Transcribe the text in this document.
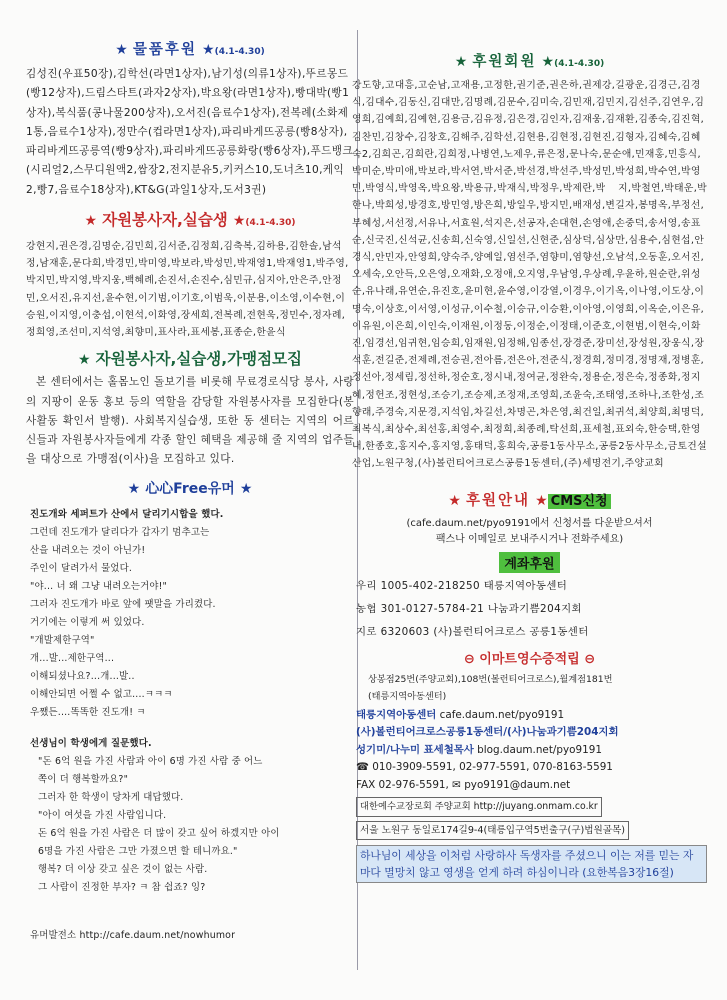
★ 물품후원 ★(4.1-4.30)
김성진(우표50장),김학선(라면1상자),남기성(의류1상자),뚜르몽드(빵12상자),드림스타트(과자2상자),박요왕(라면1상자),빵대박(빵1상자),복식품(콩나물200상자),오서진(음료수1상자),전복례(소화제1통,음료수1상자),정만수(컵라면1상자),파리바게뜨공릉(빵8상자),파리바게뜨공릉역(빵9상자),파리바게뜨공릉화랑(빵6상자),푸드뱅크(시리얼2,스무디원액2,쌈장2,전지분유5,키커스10,도너츠10,케익2,빵7,음료수18상자),KT&G(과일1상자,도서3권)
★ 자원봉사자,실습생 ★(4.1-4.30)
강현지,권은경,김명순,김민희,김서준,김정희,김축복,김하용,김한솔,남석정,남재훈,문다희,박경민,박미영,박보라,박성민,박재영1,박재영1,박주영,박지민,박지영,박지웅,백혜례,손진서,손진수,심민규,심지아,안은주,안정민,오서진,유지선,윤수현,이기범,이기호,이범욱,이분용,이소영,이수현,이승원,이지영,이충섭,이현석,이화영,장세희,전복례,전현욱,정민수,정자례,정희영,조선미,지석영,최향미,표사라,표세봉,표종순,한윤식
★ 자원봉사자,실습생,가맹점모집
본 센터에서는 홀몸노인 돌보기를 비롯해 무료경로식당 봉사, 사랑의 지팡이 운동 홍보 등의 역할을 감당할 자원봉사자를 모집한다(봉사활동 확인서 발행). 사회복지실습생, 또한 동 센터는 지역의 어르신들과 자원봉사자들에게 각종 할인 혜택을 제공해 줄 지역의 업주들을 대상으로 가맹점(이사)을 모집하고 있다.
★ 心心Free유머 ★
진도개와 세퍼트가 산에서 달리기시합을 했다.
그런데 진도개가 달리다가 갑자기 멈추고는
산을 내려오는 것이 아닌가!
주인이 달려가서 물었다.
"야... 너 왜 그냥 내려오는거야!"
그러자 진도개가 바로 앞에 팻말을 가리켰다.
거기에는 이렇게 써 있었다.
"개발제한구역"
개...발...제한구역...
이해되셨나요?...개...발..
이해안되면 어쩔 수 없고....ㅋㅋㅋ
우쨌든....똑똑한 진도개! ㅋ
선생님이 학생에게 질문했다.
"돈 6억 원을 가진 사람과 아이 6명 가진 사람 중 어느
쪽이 더 행복할까요?"
그러자 한 학생이 당차게 대답했다.
"아이 여섯을 가진 사람입니다.
돈 6억 원을 가진 사람은 더 많이 갖고 싶어 하겠지만 아이
6명을 가진 사람은 그만 가졌으면 할 테니까요."
행복? 더 이상 갖고 싶은 것이 없는 사람.
그 사람이 진정한 부자? ㅋ 참 쉽죠? 잉?
유머발전소 http://cafe.daum.net/nowhumor
★ 후원회원 ★(4.1-4.30)
강도향,고대흥,고순남,고재용,고정한,권기준,권은하,권제강,길광운,김경근,김경식,김대수,김동신,김대만,김명례,김문수,김미숙,김민재,김민지,김선주,김연우,김영희,김예희,김예현,김용금,김유정,김은경,김인자,김재웅,김재환,김종숙,김진혁,김찬민,김창수,김창호,김해주,김학선,김현용,김현정,김현진,김형자,김혜숙,김혜숙2,김희곤,김희란,김희정,나병연,노제우,류은정,문나숙,문순애,민재홍,민흥식,박미순,박미애,박보라,박서연,박서준,박선경,박선주,박성민,박성희,박수연,박영민,박영식,박영옥,박요왕,박용규,박재식,박정우,박제란,박 지,박철연,박태운,박한나,박희성,방경호,방민영,방은희,방일우,방지민,배재성,변길자,봉명옥,부정선,부혜성,서선정,서유나,서효원,석지은,선공자,손대현,손영애,손중덕,송서영,송표순,신국진,신석균,신송희,신숙영,신일선,신현준,심상덕,심상만,심용수,심현섭,안경식,안민자,안영희,양숙주,양예일,염선주,염향미,염향선,오남석,오동훈,오서진,오세숙,오안득,오은영,오재화,오정애,오지영,우남영,우상례,우윤하,원순란,위성순,유나래,유연순,유진호,윤미현,윤수영,이강열,이경우,이기옥,이나영,이도상,이명숙,이상호,이서영,이성규,이수철,이승규,이승환,이아영,이영희,이옥순,이은유,이유원,이은희,이인숙,이재원,이정동,이정순,이정태,이준호,이현범,이현숙,이화진,임경선,임귀현,임승희,임재원,임정해,임종선,장경준,장미선,장성원,장웅식,장석훈,전길준,전제례,전승권,전아름,전은아,전준식,정경희,정미경,정명재,정병훈,정선아,정세림,정선하,정순호,정시내,정여균,정완숙,정용순,정은숙,정종화,정지혜,정헌조,정현성,조승기,조승제,조정재,조영희,조윤숙,조태영,조하나,조한성,조향래,주경숙,지문경,지석임,차길선,차명곤,차은영,최건일,최귀석,최양희,최명덕,최복식,최상수,최선홍,최영수,최정희,최종례,탁선희,표세철,표외숙,한승택,한영내,한종호,홍지수,홍지영,홍태덕,홍희숙,공릉1동사무소,공릉2동사무소,금토건설산업,노원구청,(사)볼런티어크로스공릉1동센터,(주)세명전기,주양교회
★ 후원안내 ★ CMS신청
(cafe.daum.net/pyo9191에서 신청서를 다운받으셔서
팩스나 이메일로 보내주시거나 전화주세요)
계좌후원
우리 1005-402-218250 태릉지역아동센터
농협 301-0127-5784-21 나눔과기쁨204지회
지로 6320603 (사)볼런티어크로스 공릉1동센터
⊖ 이마트영수증적립 ⊖
상봉점25번(주양교회),108번(볼런티어크로스),월계점181번
(태릉지역아동센터)
태릉지역아동센터 cafe.daum.net/pyo9191
(사)볼런티어크로스공릉1동센터/(사)나눔과기쁨204지회
성기미/나누미 표세철목사 blog.daum.net/pyo9191
☎ 010-3909-5591, 02-977-5591, 070-8163-5591
FAX 02-976-5591, ✉ pyo9191@daum.net
대한예수교장로회 주양교회 http://juyang.onmam.co.kr
서울 노원구 동일로174길9-4(태릉입구역5번출구(구)법원골목)
하나님이 세상을 이처럼 사랑하사 독생자를 주셨으니 이는 저를 믿는 자마다 멸망치 않고 영생을 얻게 하려 하심이니라 (요한복음3장16절)
